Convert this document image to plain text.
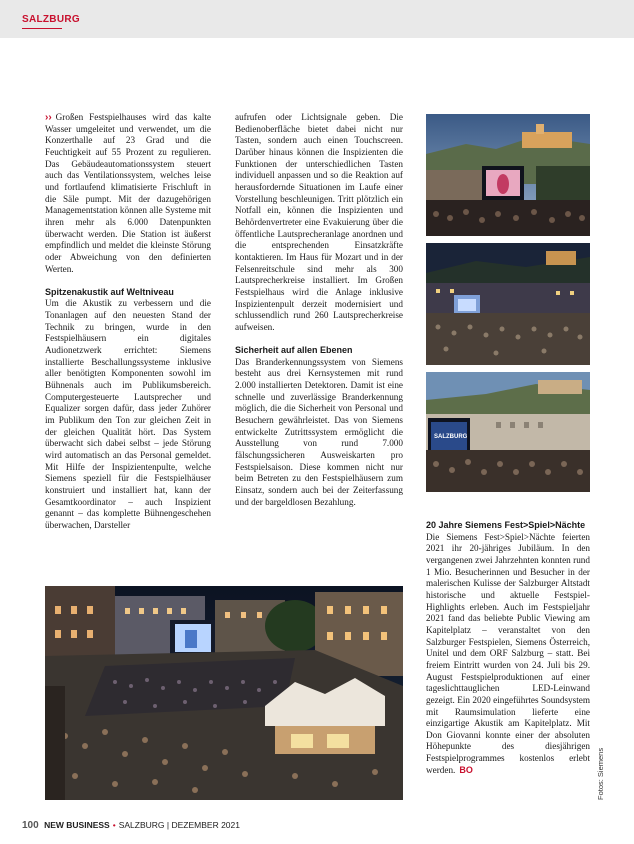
SALZBURG

›› Großen Festspielhauses wird das kalte Wasser umgeleitet und verwendet, um die Konzerthalle auf 23 Grad und die Feuchtigkeit auf 55 Prozent zu regulieren. Das Gebäudeautomationssystem steuert auch das Ventilationssystem, welches leise und fortlaufend klimatisierte Frischluft in die Säle pumpt. Mit der dazugehörigen Managementstation können alle Systeme mit ihren mehr als 6.000 Datenpunkten überwacht werden. Die Station ist äußerst empfindlich und meldet die kleinste Störung oder Abweichung von den definierten Werten.

Spitzenakustik auf Weltniveau

Um die Akustik zu verbessern und die Tonanlagen auf den neuesten Stand der Technik zu bringen, wurde in den Festspielhäusern ein digitales Audionetzwerk errichtet: Siemens installierte Beschallungssysteme inklusive aller benötigten Komponenten sowohl im Bühnenals auch im Publikumsbereich. Computergesteuerte Lautsprecher und Equalizer sorgen dafür, dass jeder Zuhörer im Publikum den Ton zur gleichen Zeit in der gleichen Qualität hört. Das System überwacht sich dabei selbst – jede Störung wird automatisch an das Personal gemeldet. Mit Hilfe der Inspizientenpulte, welche Siemens speziell für die Festspielhäuser konstruiert und installiert hat, kann der Gesamtkoordinator – auch Inspizient genannt – das komplette Bühnengeschehen überwachen, Darsteller

aufrufen oder Lichtsignale geben. Die Bedienoberfläche bietet dabei nicht nur Tasten, sondern auch einen Touchscreen. Darüber hinaus können die Inspizienten die Funktionen der unterschiedlichen Tasten individuell anpassen und so die Reaktion auf herausfordernde Situationen im Laufe einer Vorstellung beschleunigen. Tritt plötzlich ein Notfall ein, können die Inspizienten und Behördenvertreter eine Evakuierung über die öffentliche Lautsprecheranlage anordnen und die entsprechenden Einsatzkräfte kontaktieren. Im Haus für Mozart und in der Felsenreitschule sind mehr als 300 Lautsprecherkreise installiert. Im Großen Festspielhaus wird die Anlage inklusive Inspizientenpult derzeit modernisiert und schlussendlich rund 260 Lautsprecherkreise aufweisen.

Sicherheit auf allen Ebenen

Das Branderkennungssystem von Siemens besteht aus drei Kernsystemen mit rund 2.000 installierten Detektoren. Damit ist eine schnelle und zuverlässige Branderkennung möglich, die die Sicherheit von Personal und Besuchern gewährleistet. Das von Siemens entwickelte Zutrittssystem ermöglicht die Ausstellung von rund 7.000 fälschungssicheren Ausweiskarten pro Festspielsaison. Diese kommen nicht nur beim Betreten zu den Festspielhäusern zum Einsatz, sondern auch bei der Zeiterfassung und der bargeldlosen Bezahlung.

20 Jahre Siemens Fest>Spiel>Nächte

Die Siemens Fest>Spiel>Nächte feierten 2021 ihr 20-jähriges Jubiläum. In den vergangenen zwei Jahrzehnten konnten rund 1 Mio. Besucherinnen und Besucher in der malerischen Kulisse der Salzburger Altstadt historische und aktuelle Festspiel-Highlights erleben. Auch im Festspieljahr 2021 fand das beliebte Public Viewing am Kapitelplatz – veranstaltet von den Salzburger Festspielen, Siemens Österreich, Unitel und dem ORF Salzburg – statt. Bei freiem Eintritt wurden von 24. Juli bis 29. August Festspielproduktionen auf einer tageslichttauglichen LED-Leinwand gezeigt. Ein 2020 eingeführtes Soundsystem mit Raumsimulation lieferte eine einzigartige Akustik am Kapitelplatz. Mit Don Giovanni konnte einer der absoluten Höhepunkte des diesjährigen Festspielprogrammes kostenlos erlebt werden. BO

SALZBURG
Fotos: Siemens
100 NEW BUSINESS • SALZBURG | DEZEMBER 2021
